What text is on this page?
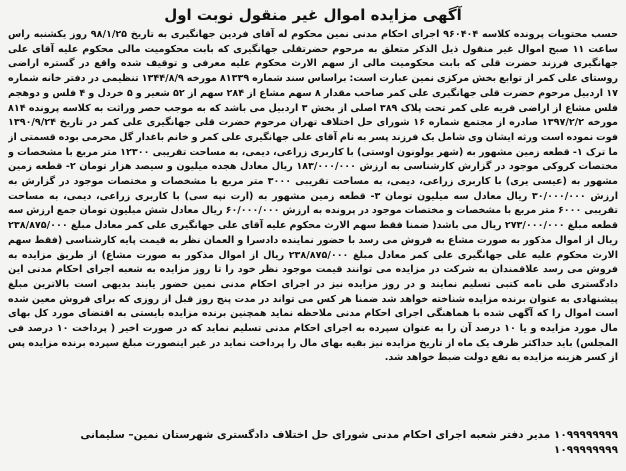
آگهی مزایده اموال غیر منقول نوبت اول

حسب محتویات پرونده کلاسه ۹۶۰۴۰۴ اجرای احکام مدنی نمین محکوم له آقای فردین جهانگیری به تاریخ ۹۸/۱/۲۵ روز یکشنبه راس ساعت ۱۱ صبح اموال غیر منقول ذیل الذکر متعلق به مرحوم حضرتقلی جهانگیری که بابت محکومیت مالی محکوم علیه آقای علی جهانگیری فرزند حضرت قلی که بابت محکومیت مالی از سهم الارث محکوم علیه معرفی و توقیف شده واقع در گستره اراضی روستای علی کمر از توابع بخش مرکزی نمین عبارت است: براساس سند شماره ۸۱۳۳۹ مورخه ۱۳۴۴/۸/۹ تنظیمی در دفتر خانه شماره ۱۷ اردبیل مرحوم حضرت قلی جهانگیری علی کمر صاحب مقدار ۸ سهم مشاع از ۲۸۴ سهم از ۵۲ شعیر و ۵ خردل و ۴ فلس و دوهجم فلس مشاع از اراضی قریه علی کمر تحت پلاک ۳۸۹ اصلی از بخش ۳ اردبیل می باشد که به موجب حصر وراثت به کلاسه پرونده ۸۱۴ مورخه ۱۳۹۷/۲/۲ صادره از مجتمع شماره ۱۶ شورای حل اختلاف تهران مرحوم حضرت قلی جهانگیری علی کمر در تاریخ ۱۳۹۰/۹/۲۴ فوت نموده است ورثه ایشان وی شامل یک فرزند پسر به نام آقای علی جهانگیری علی کمر و خانم باغدار گل محرمی بوده قسمتی از ما ترک ۱- قطعه زمین مشهور به (شهر یولونون اوستی) با کاربری زراعی، دیمی، به مساحت تقریبی ۱۲۳۰۰ متر مربع با مشخصات و مختصات کروکی موجود در گزارش کارشناسی به ارزش ۱۸۳/۰۰۰/۰۰۰ ریال معادل هجده میلیون و سیصد هزار تومان ۲- قطعه زمین مشهور به (عیسی یری) با کاربری زراعی، دیمی، به مساحت تقریبی ۳۰۰۰ متر مربع با مشخصات و مختصات موجود در گزارش به ارزش ۳۰/۰۰۰/۰۰۰ ریال معادل سه میلیون تومان ۳- قطعه زمین مشهور به (ارت نپه سی) با کاربری زراعی، دیمی، به مساحت تقریبی ۶۰۰۰ متر مربع با مشخصات و مختصات موجود در پرونده به ارزش ۶۰/۰۰۰/۰۰۰ ریال معادل شش میلیون تومان جمع ارزش سه قطعه مبلغ ۲۷۳/۰۰۰/۰۰۰ ریال می باشد( ضمنا فقط سهم الارث محکوم علیه آقای علی جهانگیری علی کمر معادل مبلغ ۲۳۸/۸۷۵/۰۰۰ ریال از اموال مذکور به صورت مشاع به فروش می رسد با حضور نماینده دادسرا و العمان نظر به قیمت پایه کارشناسی (فقط سهم الارث محکوم علیه علی جهانگیری علی کمر معادل مبلغ ۲۳۸/۸۷۵/۰۰۰ ریال از اموال مذکور به صورت مشاع) از طریق مزایده به فروش می رسد علاقمندان به شرکت در مزایده می توانند قیمت موجود نظر خود را تا روز مزایده به شعبه اجرای احکام مدنی این دادگستری طی نامه کتبی تسلیم نمایند و در روز مزایده نیز در اجرای احکام مدنی نمین حضور یابند بدیهی است بالاترین مبلغ پیشنهادی به عنوان برنده مزایده شناخته خواهد شد ضمنا هر کس می تواند در مدت پنج روز قبل از روزی که برای فروش معین شده است اموال را که آگهی شده با هماهنگی اجرای احکام مدنی ملاحظه نماید همچنین برنده مزایده بایستی به اقتضای مورد کل بهای مال مورد مزایده و یا ۱۰ درصد آن را به عنوان سپرده به اجرای احکام مدنی تسلیم نماید که در صورت اخیر ( پرداخت ۱۰ درصد فی المجلس) باید حداکثر ظرف یک ماه از تاریخ مزایده نیز بقیه بهای مال را پرداخت نماید در غیر اینصورت مبلغ سپرده برنده مزایده پس از کسر هزینه مزایده به نفع دولت ضبط خواهد شد.

۱۰۹۹۹۹۹۹۹۹ مدیر دفتر شعبه اجرای احکام مدنی شورای حل اختلاف دادگستری شهرستان نمین– سلیمانی
۱۰۹۹۹۹۹۹۹۹
